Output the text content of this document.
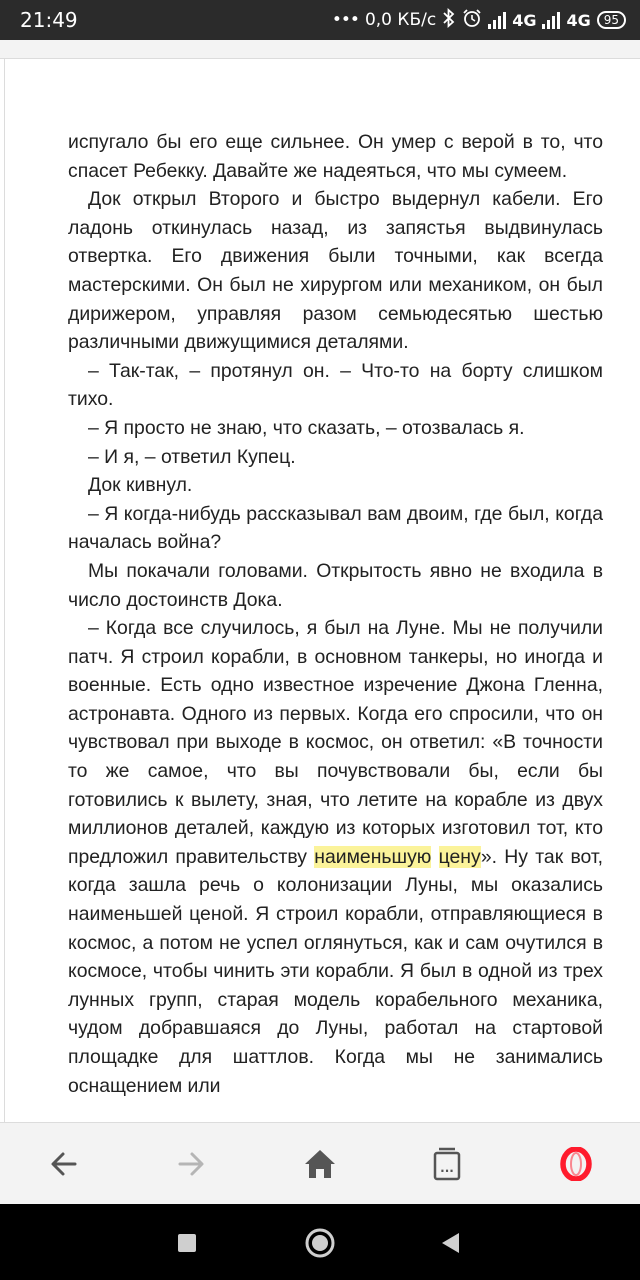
21:49	••• 0,0 КБ/с	4G 4G	95

испугало бы его еще сильнее. Он умер с верой в то, что спасет Ребекку. Давайте же надеяться, что мы сумеем.

Док открыл Второго и быстро выдернул кабели. Его ладонь откинулась назад, из запястья выдвинулась отвертка. Его движения были точными, как всегда мастерскими. Он был не хирургом или механиком, он был дирижером, управляя разом семьюдесятью шестью различными движущимися деталями.

– Так-так, – протянул он. – Что-то на борту слишком тихо.

– Я просто не знаю, что сказать, – отозвалась я.

– И я, – ответил Купец.

Док кивнул.

– Я когда-нибудь рассказывал вам двоим, где был, когда началась война?

Мы покачали головами. Открытость явно не входила в число достоинств Дока.

– Когда все случилось, я был на Луне. Мы не получили патч. Я строил корабли, в основном танкеры, но иногда и военные. Есть одно известное изречение Джона Гленна, астронавта. Одного из первых. Когда его спросили, что он чувствовал при выходе в космос, он ответил: «В точности то же самое, что вы почувствовали бы, если бы готовились к вылету, зная, что летите на корабле из двух миллионов деталей, каждую из которых изготовил тот, кто предложил правительству наименьшую цену». Ну так вот, когда зашла речь о колонизации Луны, мы оказались наименьшей ценой. Я строил корабли, отправляющиеся в космос, а потом не успел оглянуться, как и сам очутился в космосе, чтобы чинить эти корабли. Я был в одной из трех лунных групп, старая модель корабельного механика, чудом добравшаяся до Луны, работал на стартовой площадке для шаттлов. Когда мы не занимались оснащением или

...
